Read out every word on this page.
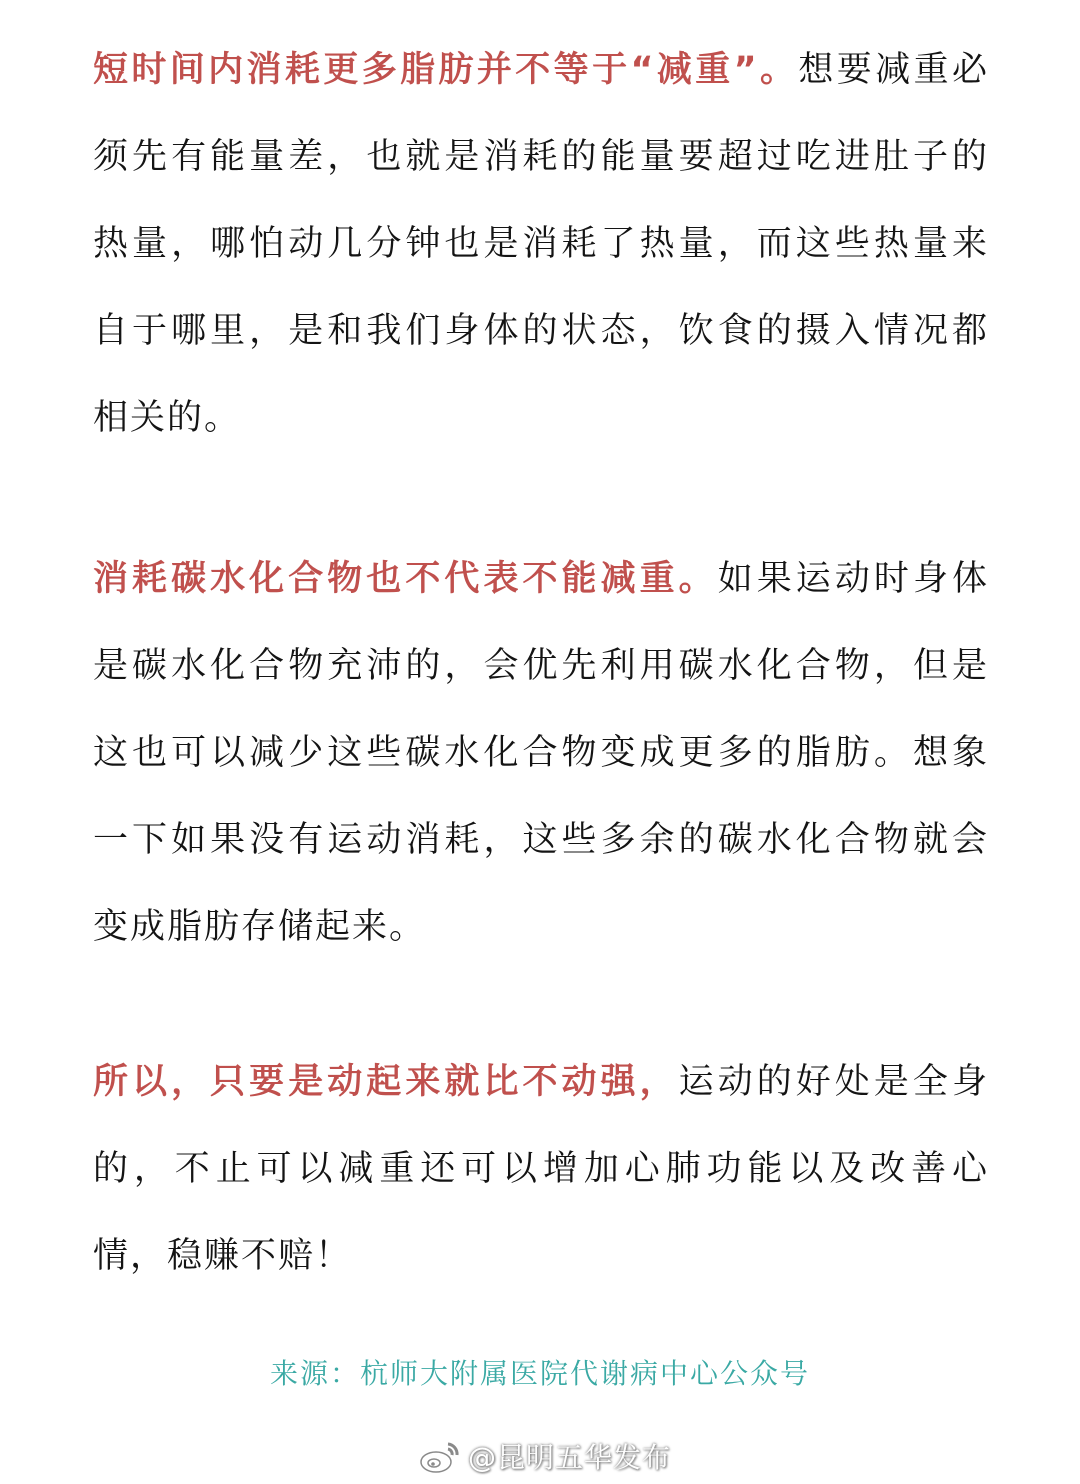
短时间内消耗更多脂肪并不等于“减重”。想要减重必
须先有能量差，也就是消耗的能量要超过吃进肚子的
热量，哪怕动几分钟也是消耗了热量，而这些热量来
自于哪里，是和我们身体的状态，饮食的摄入情况都
相关的。
消耗碳水化合物也不代表不能减重。如果运动时身体
是碳水化合物充沛的，会优先利用碳水化合物，但是
这也可以减少这些碳水化合物变成更多的脂肪。想象
一下如果没有运动消耗，这些多余的碳水化合物就会
变成脂肪存储起来。
所以，只要是动起来就比不动强，运动的好处是全身
的，不止可以减重还可以增加心肺功能以及改善心
情，稳赚不赔！
来源：杭师大附属医院代谢病中心公众号
@昆明五华发布
